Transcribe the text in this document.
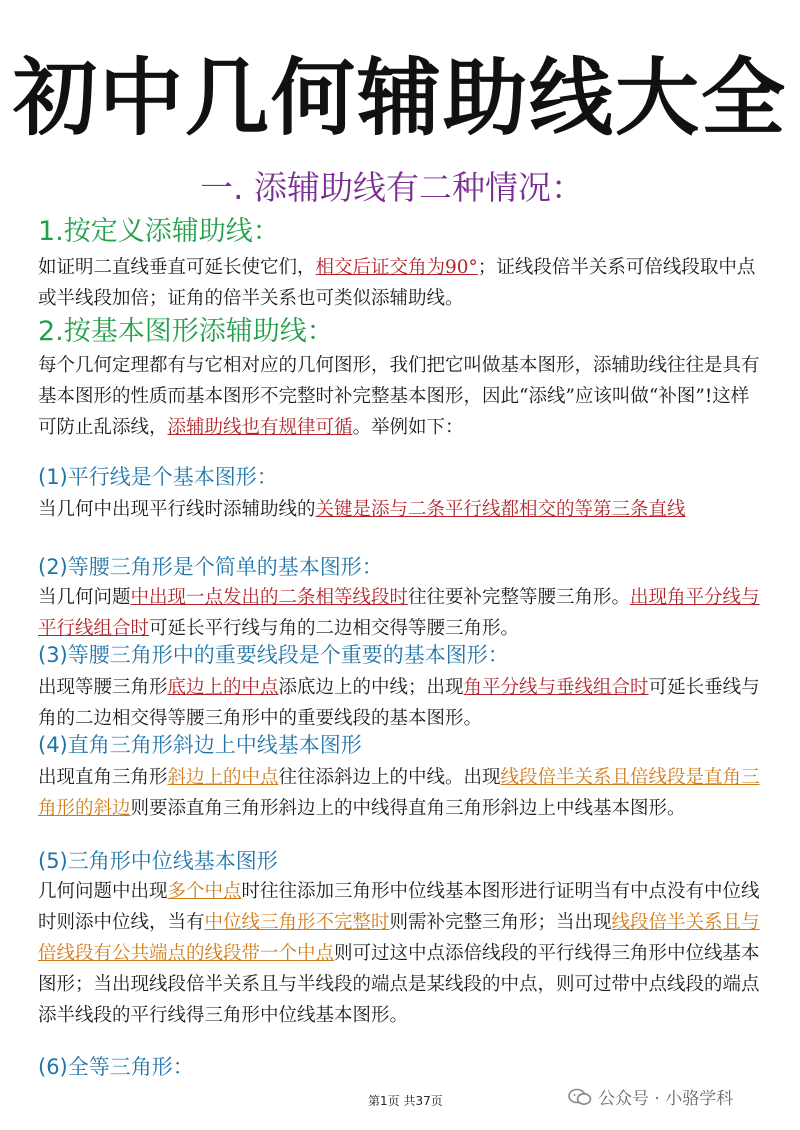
初中几何辅助线大全
一. 添辅助线有二种情况：
1.按定义添辅助线：
如证明二直线垂直可延长使它们，相交后证交角为90°；证线段倍半关系可倍线段取中点或半线段加倍；证角的倍半关系也可类似添辅助线。
2.按基本图形添辅助线：
每个几何定理都有与它相对应的几何图形，我们把它叫做基本图形，添辅助线往往是具有基本图形的性质而基本图形不完整时补完整基本图形，因此“添线”应该叫做“补图”!这样可防止乱添线，添辅助线也有规律可循。举例如下：
(1)平行线是个基本图形：
当几何中出现平行线时添辅助线的关键是添与二条平行线都相交的等第三条直线
(2)等腰三角形是个简单的基本图形：
当几何问题中出现一点发出的二条相等线段时往往要补完整等腰三角形。出现角平分线与平行线组合时可延长平行线与角的二边相交得等腰三角形。
(3)等腰三角形中的重要线段是个重要的基本图形：
出现等腰三角形底边上的中点添底边上的中线；出现角平分线与垂线组合时可延长垂线与角的二边相交得等腰三角形中的重要线段的基本图形。
(4)直角三角形斜边上中线基本图形
出现直角三角形斜边上的中点往往添斜边上的中线。出现线段倍半关系且倍线段是直角三角形的斜边则要添直角三角形斜边上的中线得直角三角形斜边上中线基本图形。
(5)三角形中位线基本图形
几何问题中出现多个中点时往往添加三角形中位线基本图形进行证明当有中点没有中位线时则添中位线，当有中位线三角形不完整时则需补完整三角形；当出现线段倍半关系且与倍线段有公共端点的线段带一个中点则可过这中点添倍线段的平行线得三角形中位线基本图形；当出现线段倍半关系且与半线段的端点是某线段的中点，则可过带中点线段的端点添半线段的平行线得三角形中位线基本图形。
(6)全等三角形：
第1页 共37页	公众号 · 小骆学科
